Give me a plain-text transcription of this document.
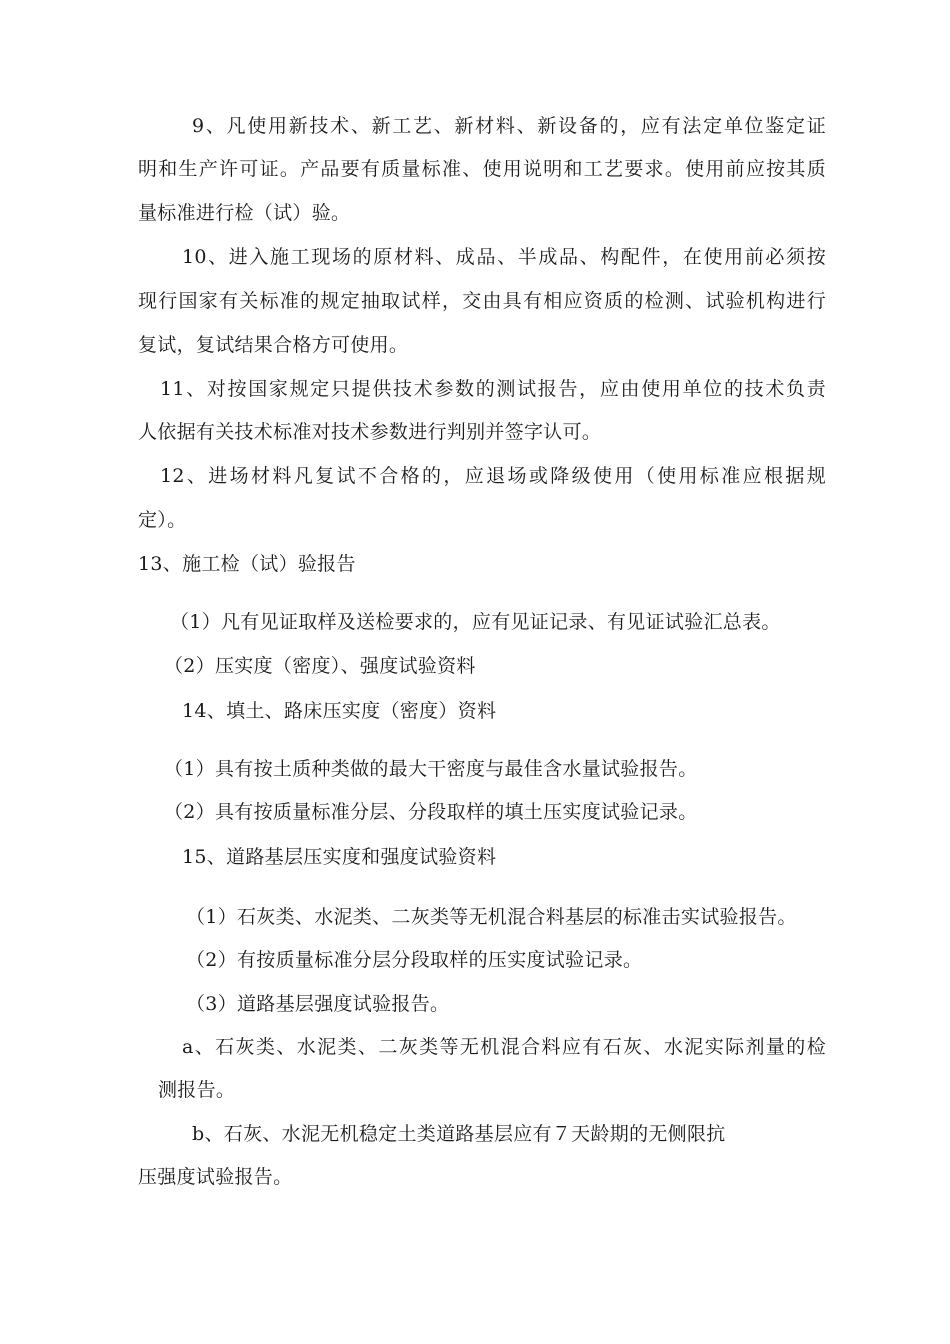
9、凡使用新技术、新工艺、新材料、新设备的，应有法定单位鉴定证
明和生产许可证。产品要有质量标准、使用说明和工艺要求。使用前应按其质
量标准进行检（试）验。
10、进入施工现场的原材料、成品、半成品、构配件，在使用前必须按
现行国家有关标准的规定抽取试样，交由具有相应资质的检测、试验机构进行
复试，复试结果合格方可使用。
11、对按国家规定只提供技术参数的测试报告，应由使用单位的技术负责
人依据有关技术标准对技术参数进行判别并签字认可。
12、进场材料凡复试不合格的，应退场或降级使用（使用标准应根据规
定）。
13、施工检（试）验报告
（1）凡有见证取样及送检要求的，应有见证记录、有见证试验汇总表。
（2）压实度（密度）、强度试验资料
14、填土、路床压实度（密度）资料
（1）具有按土质种类做的最大干密度与最佳含水量试验报告。
（2）具有按质量标准分层、分段取样的填土压实度试验记录。
15、道路基层压实度和强度试验资料
（1）石灰类、水泥类、二灰类等无机混合料基层的标准击实试验报告。
（2）有按质量标准分层分段取样的压实度试验记录。
（3）道路基层强度试验报告。
a、石灰类、水泥类、二灰类等无机混合料应有石灰、水泥实际剂量的检
测报告。
b、石灰、水泥无机稳定土类道路基层应有７天龄期的无侧限抗
压强度试验报告。
